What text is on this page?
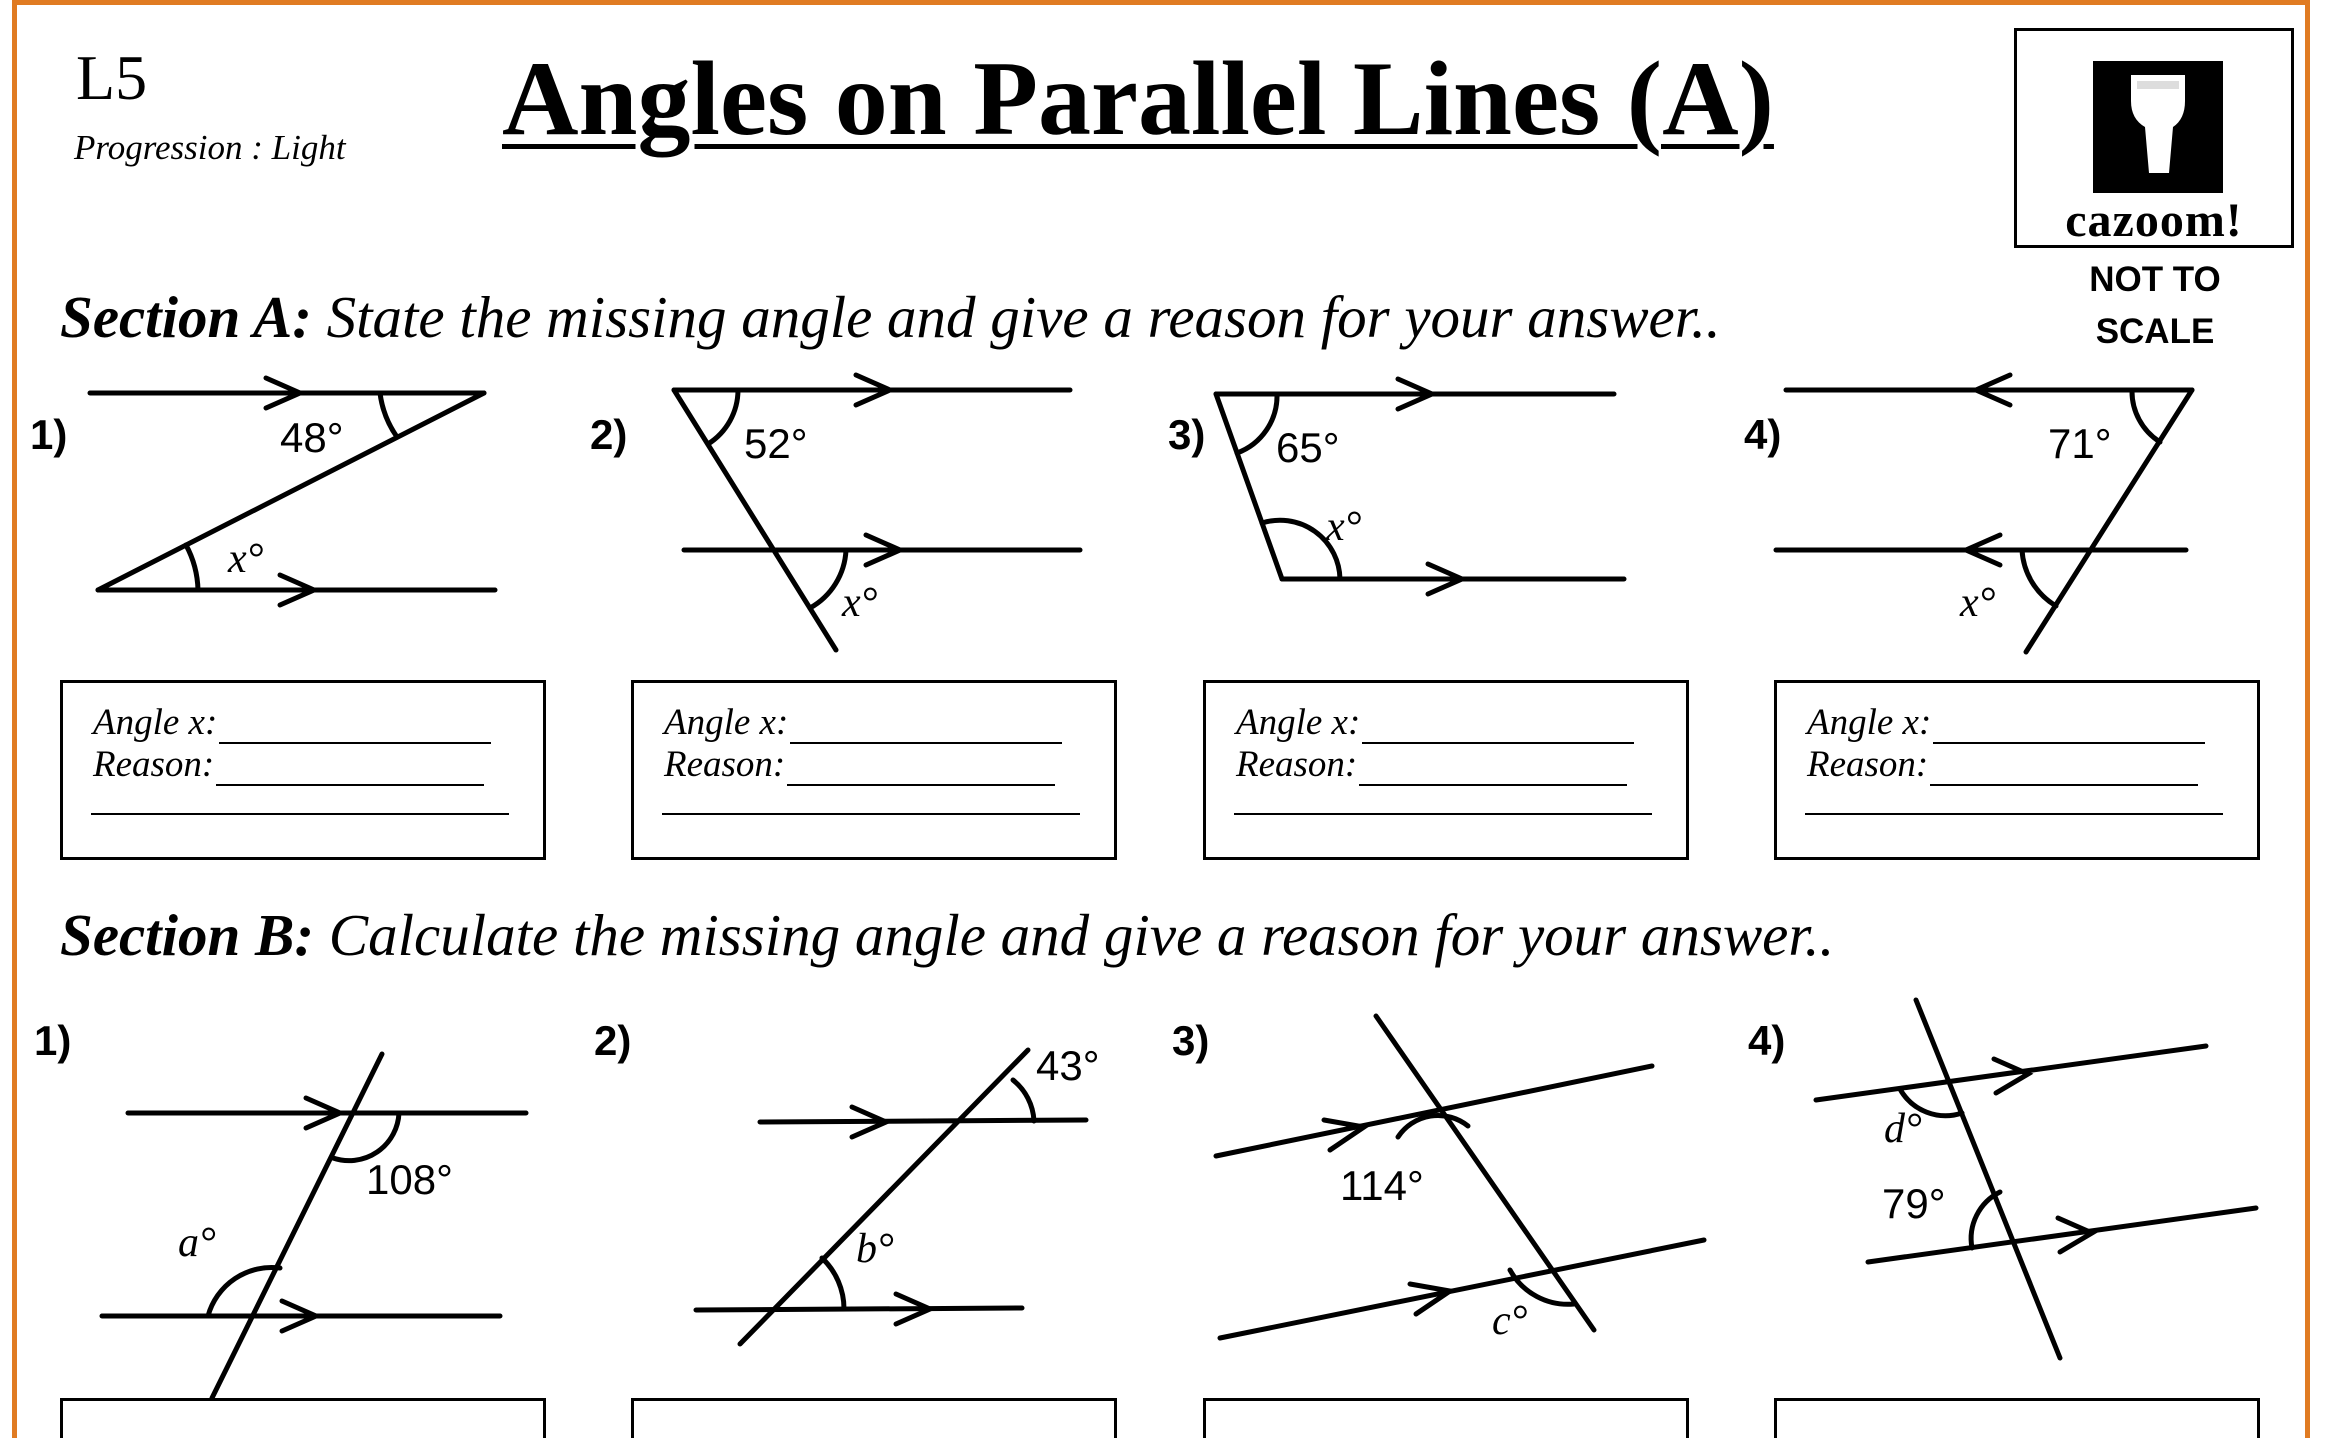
L5
Progression : Light Angles on Parallel Lines (A)
cazoom!
NOT TO
SCALE
Section A: State the missing angle and give a reason for your answer..
Section B: Calculate the missing angle and give a reason for your answer..
1)	2)	3)	4)
1)	2)	3)	4)
Angle x:
Reason:
Angle x:
Reason:
Angle x:
Reason:
Angle x:
Reason:
48°
x°
52°
x°
65°
x°
71°
x°
108°
a°
43°
b°
114°
c°
79°
d°
